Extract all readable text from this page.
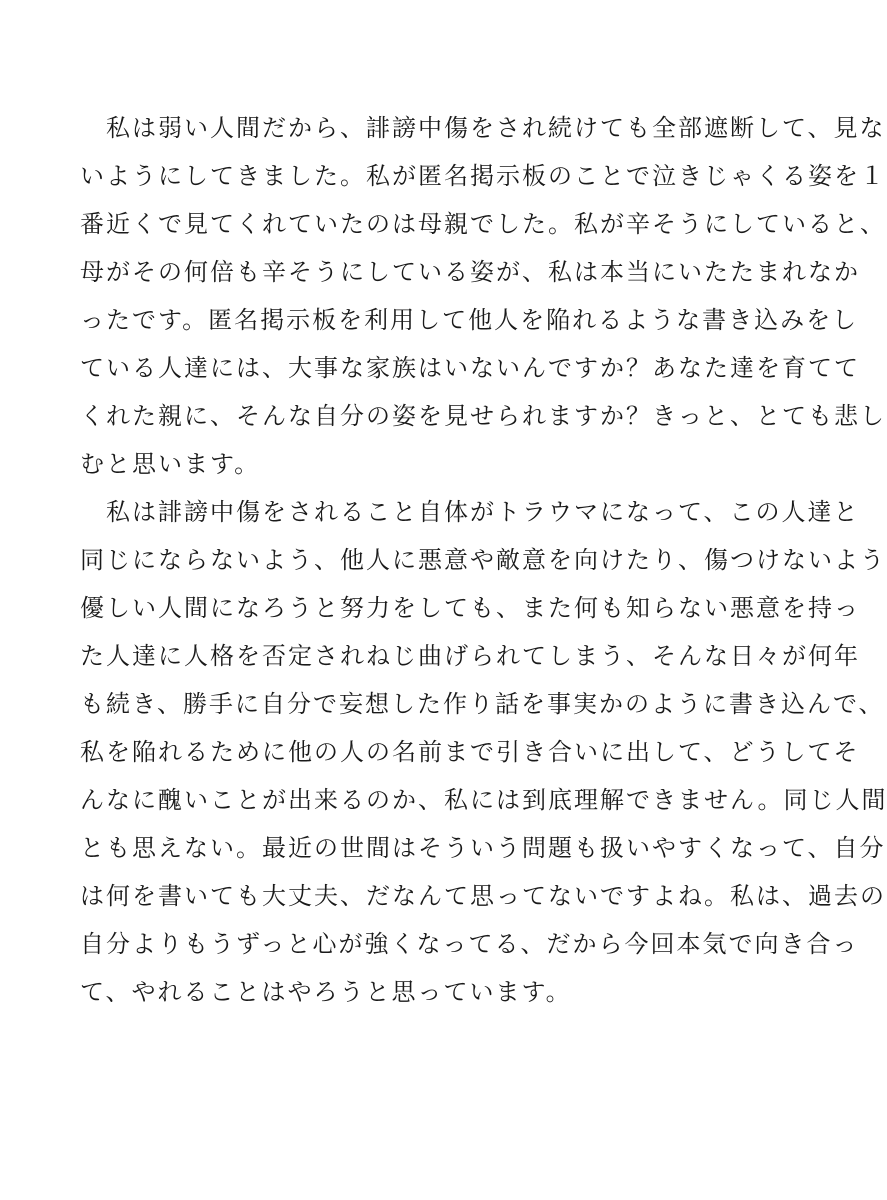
　私は弱い人間だから、誹謗中傷をされ続けても全部遮断して、見な
いようにしてきました。私が匿名掲示板のことで泣きじゃくる姿を１
番近くで見てくれていたのは母親でした。私が辛そうにしていると、
母がその何倍も辛そうにしている姿が、私は本当にいたたまれなか
ったです。匿名掲示板を利用して他人を陥れるような書き込みをし
ている人達には、大事な家族はいないんですか？あなた達を育てて
くれた親に、そんな自分の姿を見せられますか？きっと、とても悲し
むと思います。
　私は誹謗中傷をされること自体がトラウマになって、この人達と
同じにならないよう、他人に悪意や敵意を向けたり、傷つけないよう
優しい人間になろうと努力をしても、また何も知らない悪意を持っ
た人達に人格を否定されねじ曲げられてしまう、そんな日々が何年
も続き、勝手に自分で妄想した作り話を事実かのように書き込んで、
私を陥れるために他の人の名前まで引き合いに出して、どうしてそ
んなに醜いことが出来るのか、私には到底理解できません。同じ人間
とも思えない。最近の世間はそういう問題も扱いやすくなって、自分
は何を書いても大丈夫、だなんて思ってないですよね。私は、過去の
自分よりもうずっと心が強くなってる、だから今回本気で向き合っ
て、やれることはやろうと思っています。
